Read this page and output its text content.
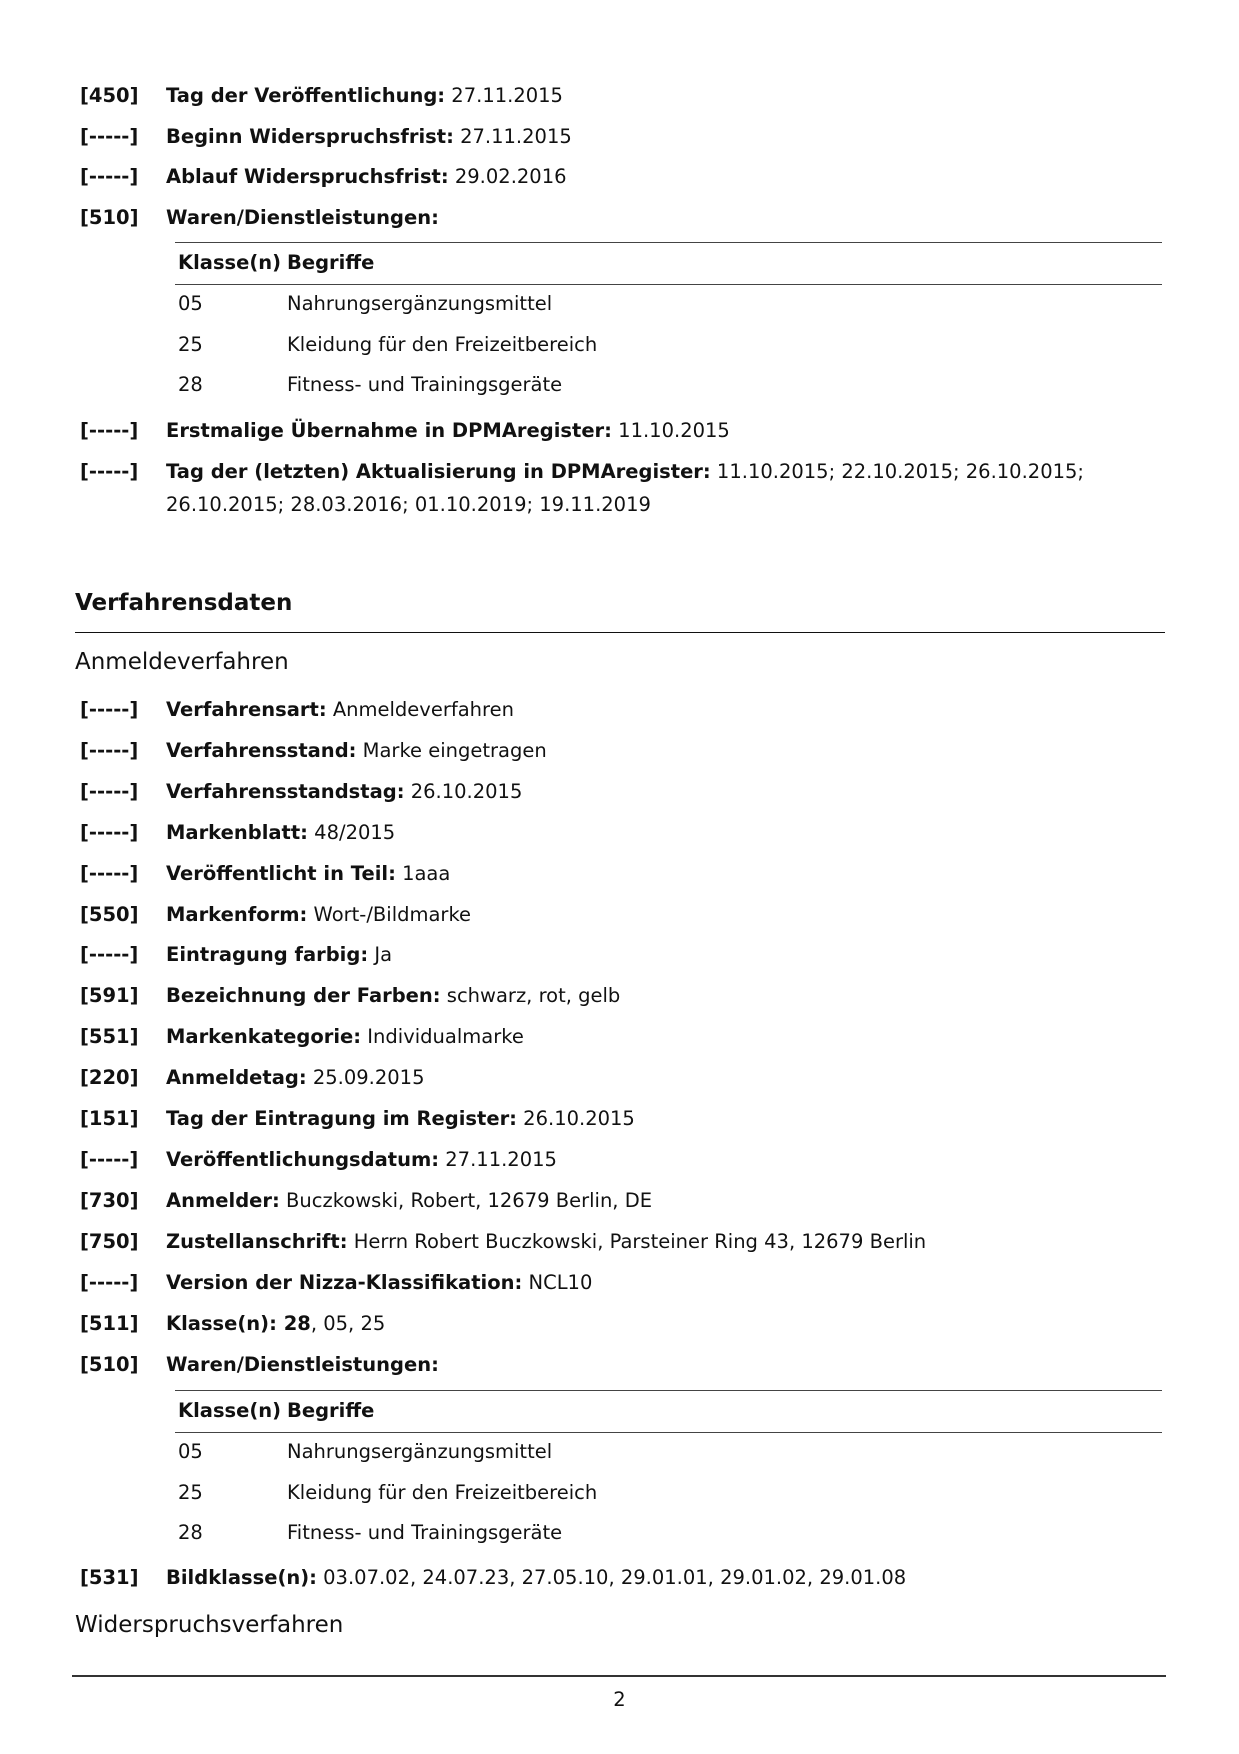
[450]	Tag der Veröffentlichung: 27.11.2015
[-----]	Beginn Widerspruchsfrist: 27.11.2015
[-----]	Ablauf Widerspruchsfrist: 29.02.2016
[510]	Waren/Dienstleistungen:
Klasse(n) Begriffe
05	Nahrungsergänzungsmittel
25	Kleidung für den Freizeitbereich
28	Fitness- und Trainingsgeräte
[-----]	Erstmalige Übernahme in DPMAregister: 11.10.2015
[-----]	Tag der (letzten) Aktualisierung in DPMAregister: 11.10.2015; 22.10.2015; 26.10.2015;
26.10.2015; 28.03.2016; 01.10.2019; 19.11.2019
Verfahrensdaten
Anmeldeverfahren
[-----]	Verfahrensart: Anmeldeverfahren
[-----]	Verfahrensstand: Marke eingetragen
[-----]	Verfahrensstandstag: 26.10.2015
[-----]	Markenblatt: 48/2015
[-----]	Veröffentlicht in Teil: 1aaa
[550]	Markenform: Wort-/Bildmarke
[-----]	Eintragung farbig: Ja
[591]	Bezeichnung der Farben: schwarz, rot, gelb
[551]	Markenkategorie: Individualmarke
[220]	Anmeldetag: 25.09.2015
[151]	Tag der Eintragung im Register: 26.10.2015
[-----]	Veröffentlichungsdatum: 27.11.2015
[730]	Anmelder: Buczkowski, Robert, 12679 Berlin, DE
[750]	Zustellanschrift: Herrn Robert Buczkowski, Parsteiner Ring 43, 12679 Berlin
[-----]	Version der Nizza-Klassifikation: NCL10
[511]	Klasse(n): 28, 05, 25
[510]	Waren/Dienstleistungen:
Klasse(n) Begriffe
05	Nahrungsergänzungsmittel
25	Kleidung für den Freizeitbereich
28	Fitness- und Trainingsgeräte
[531]	Bildklasse(n): 03.07.02, 24.07.23, 27.05.10, 29.01.01, 29.01.02, 29.01.08
Widerspruchsverfahren
2
